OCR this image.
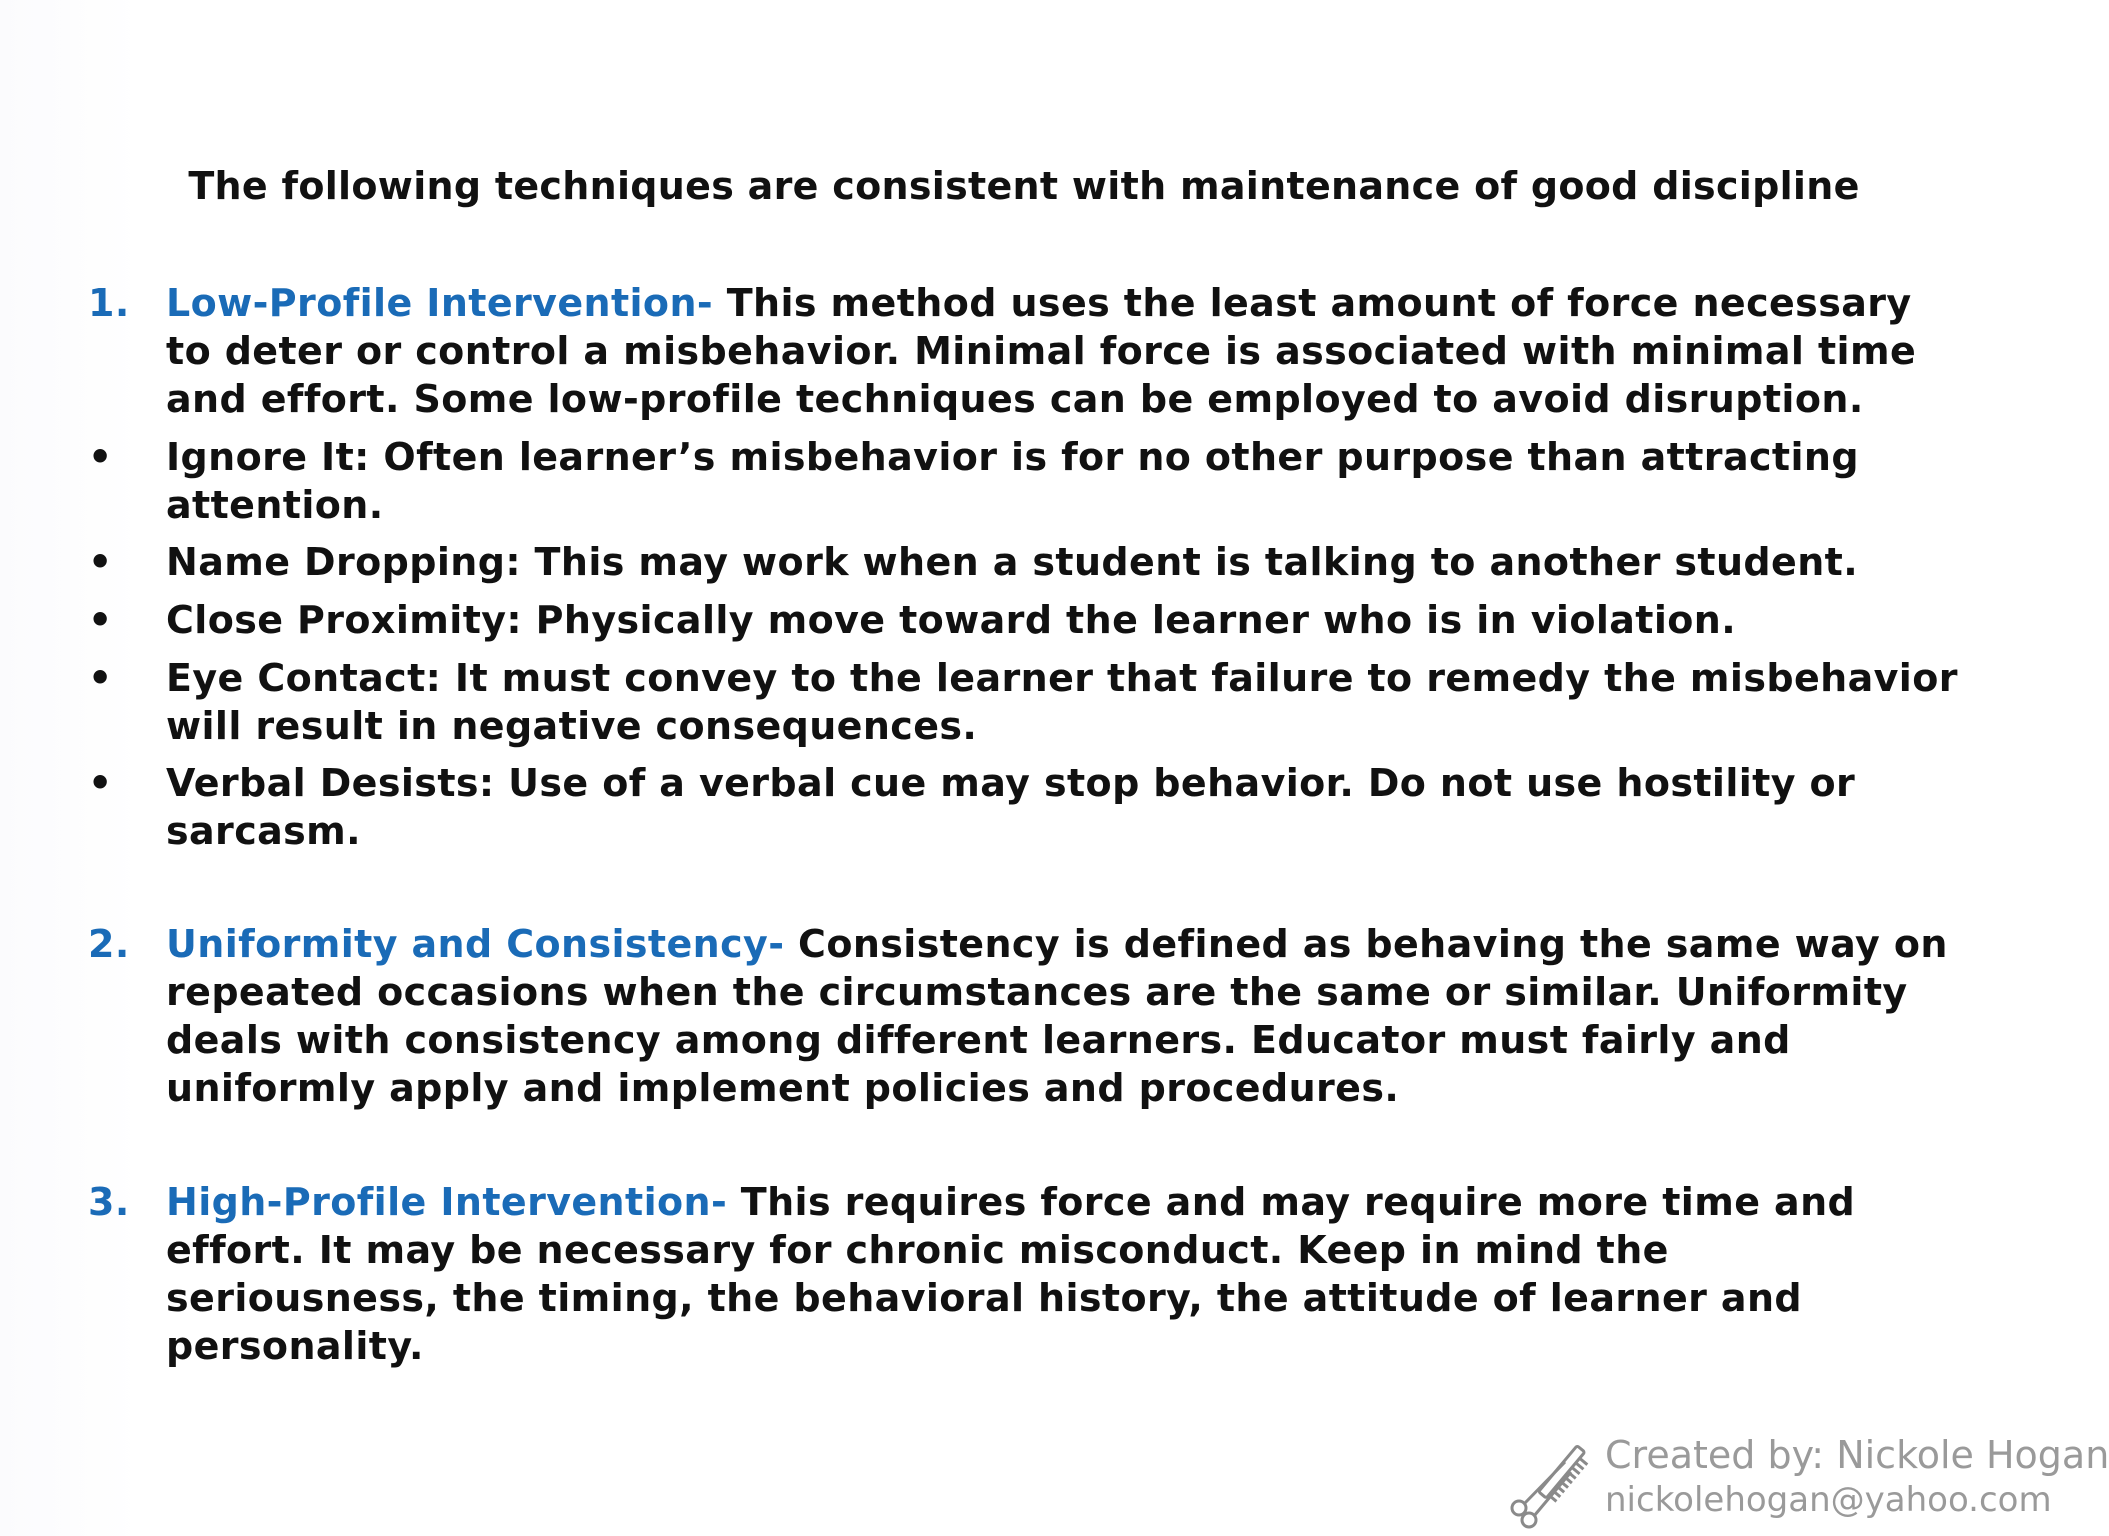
The following techniques are consistent with maintenance of good discipline
1. Low-Profile Intervention- This method uses the least amount of force necessary
to deter or control a misbehavior. Minimal force is associated with minimal time
and effort. Some low-profile techniques can be employed to avoid disruption.
• Ignore It: Often learner’s misbehavior is for no other purpose than attracting
attention.
• Name Dropping: This may work when a student is talking to another student.
• Close Proximity: Physically move toward the learner who is in violation.
• Eye Contact: It must convey to the learner that failure to remedy the misbehavior
will result in negative consequences.
• Verbal Desists: Use of a verbal cue may stop behavior. Do not use hostility or
sarcasm.
2. Uniformity and Consistency- Consistency is defined as behaving the same way on
repeated occasions when the circumstances are the same or similar. Uniformity
deals with consistency among different learners. Educator must fairly and
uniformly apply and implement policies and procedures.
3. High-Profile Intervention- This requires force and may require more time and
effort. It may be necessary for chronic misconduct. Keep in mind the
seriousness, the timing, the behavioral history, the attitude of learner and
personality.
Created by: Nickole Hogan
nickolehogan@yahoo.com
